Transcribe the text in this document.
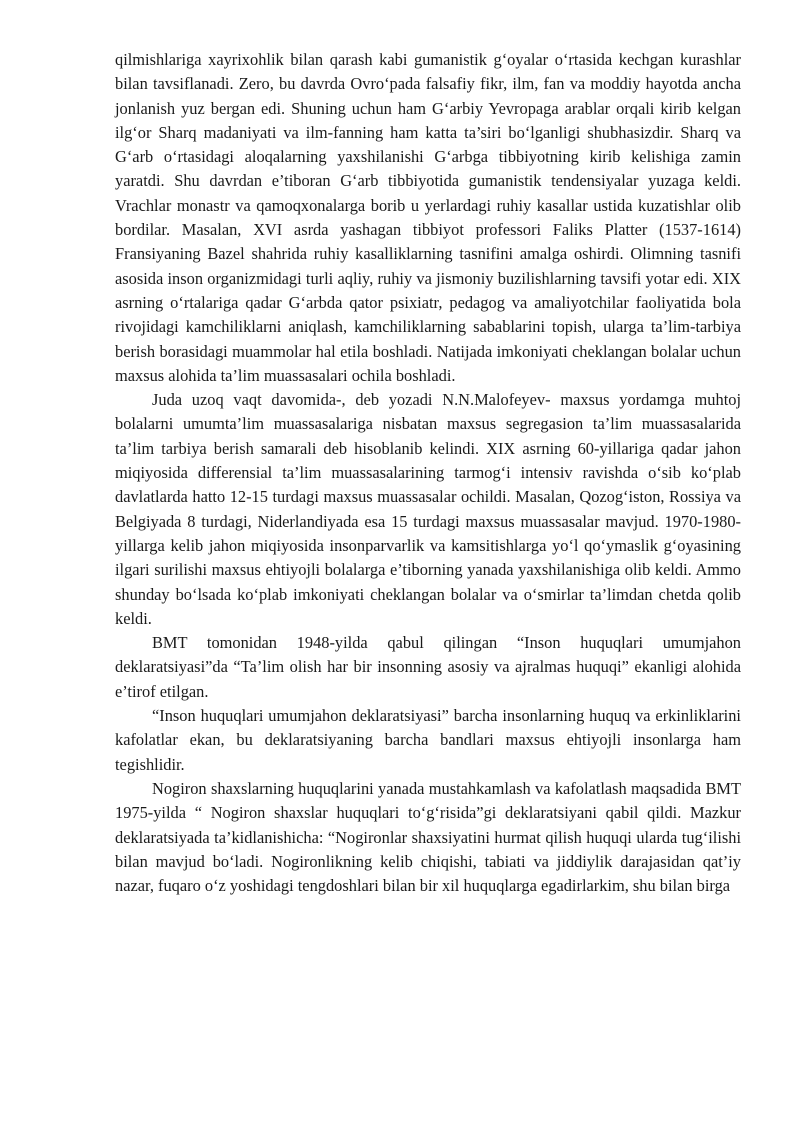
qilmishlariga xayrixohlik bilan qarash kabi gumanistik g‘oyalar o‘rtasida kechgan kurashlar bilan tavsiflanadi. Zero, bu davrda Ovro‘pada falsafiy fikr, ilm, fan va moddiy hayotda ancha jonlanish yuz bergan edi. Shuning uchun ham G‘arbiy Yevropaga arablar orqali kirib kelgan ilg‘or Sharq madaniyati va ilm-fanning ham katta ta’siri bo‘lganligi shubhasizdir. Sharq va G‘arb o‘rtasidagi aloqalarning yaxshilanishi G‘arbga tibbiyotning kirib kelishiga zamin yaratdi. Shu davrdan e’tiboran G‘arb tibbiyotida gumanistik tendensiyalar yuzaga keldi. Vrachlar monastr va qamoqxonalarga borib u yerlardagi ruhiy kasallar ustida kuzatishlar olib bordilar. Masalan, XVI asrda yashagan tibbiyot professori Faliks Platter (1537-1614) Fransiyaning Bazel shahrida ruhiy kasalliklarning tasnifini amalga oshirdi. Olimning tasnifi asosida inson organizmidagi turli aqliy, ruhiy va jismoniy buzilishlarning tavsifi yotar edi. XIX asrning o‘rtalariga qadar G‘arbda qator psixiatr, pedagog va amaliyotchilar faoliyatida bola rivojidagi kamchiliklarni aniqlash, kamchiliklarning sabablarini topish, ularga ta’lim-tarbiya berish borasidagi muammolar hal etila boshladi. Natijada imkoniyati cheklangan bolalar uchun maxsus alohida ta’lim muassasalari ochila boshladi.

Juda uzoq vaqt davomida-, deb yozadi N.N.Malofeyev- maxsus yordamga muhtoj bolalarni umumta’lim muassasalariga nisbatan maxsus segregasion ta’lim muassasalarida ta’lim tarbiya berish samarali deb hisoblanib kelindi. XIX asrning 60-yillariga qadar jahon miqiyosida differensial ta’lim muassasalarining tarmog‘i intensiv ravishda o‘sib ko‘plab davlatlarda hatto 12-15 turdagi maxsus muassasalar ochildi. Masalan, Qozog‘iston, Rossiya va Belgiyada 8 turdagi, Niderlandiyada esa 15 turdagi maxsus muassasalar mavjud. 1970-1980-yillarga kelib jahon miqiyosida insonparvarlik va kamsitishlarga yo‘l qo‘ymaslik g‘oyasining ilgari surilishi maxsus ehtiyojli bolalarga e’tiborning yanada yaxshilanishiga olib keldi. Ammo shunday bo‘lsada ko‘plab imkoniyati cheklangan bolalar va o‘smirlar ta’limdan chetda qolib keldi.

BMT tomonidan 1948-yilda qabul qilingan “Inson huquqlari umumjahon deklaratsiyasi”da “Ta’lim olish har bir insonning asosiy va ajralmas huquqi” ekanligi alohida e’tirof etilgan.

“Inson huquqlari umumjahon deklaratsiyasi” barcha insonlarning huquq va erkinliklarini kafolatlar ekan, bu deklaratsiyaning barcha bandlari maxsus ehtiyojli insonlarga ham tegishlidir.

Nogiron shaxslarning huquqlarini yanada mustahkamlash va kafolatlash maqsadida BMT 1975-yilda “ Nogiron shaxslar huquqlari to‘g‘risida”gi deklaratsiyani qabil qildi. Mazkur deklaratsiyada ta’kidlanishicha: “Nogironlar shaxsiyatini hurmat qilish huquqi ularda tug‘ilishi bilan mavjud bo‘ladi. Nogironlikning kelib chiqishi, tabiati va jiddiylik darajasidan qat’iy nazar, fuqaro o‘z yoshidagi tengdoshlari bilan bir xil huquqlarga egadirlarkim, shu bilan birga
